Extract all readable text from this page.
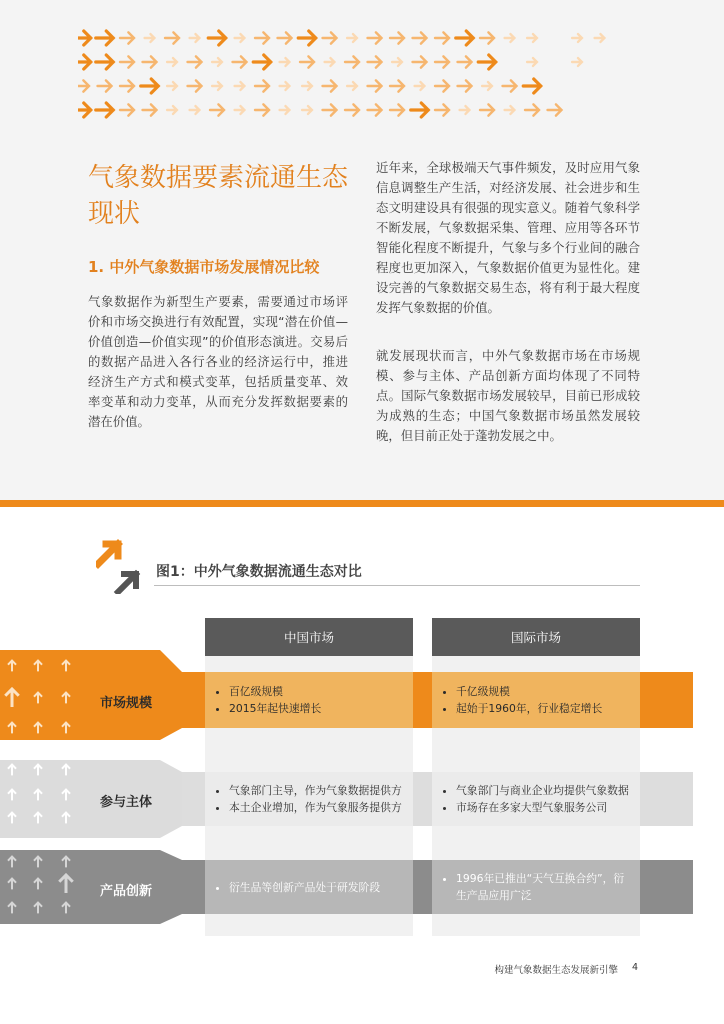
气象数据要素流通生态现状
1. 中外气象数据市场发展情况比较

气象数据作为新型生产要素，需要通过市场评价和市场交换进行有效配置，实现“潜在价值—价值创造—价值实现”的价值形态演进。交易后的数据产品进入各行各业的经济运行中，推进经济生产方式和模式变革，包括质量变革、效率变革和动力变革，从而充分发挥数据要素的潜在价值。

近年来，全球极端天气事件频发，及时应用气象信息调整生产生活，对经济发展、社会进步和生态文明建设具有很强的现实意义。随着气象科学不断发展，气象数据采集、管理、应用等各环节智能化程度不断提升，气象与多个行业间的融合程度也更加深入，气象数据价值更为显性化。建设完善的气象数据交易生态，将有利于最大程度发挥气象数据的价值。

就发展现状而言，中外气象数据市场在市场规模、参与主体、产品创新方面均体现了不同特点。国际气象数据市场发展较早，目前已形成较为成熟的生态；中国气象数据市场虽然发展较晚，但目前正处于蓬勃发展之中。

图1：中外气象数据流通生态对比
中国市场	国际市场
市场规模
参与主体
产品创新
• 百亿级规模
• 2015年起快速增长
• 千亿级规模
• 起始于1960年，行业稳定增长
• 气象部门主导，作为气象数据提供方
• 本土企业增加，作为气象服务提供方
• 气象部门与商业企业均提供气象数据
• 市场存在多家大型气象服务公司
• 衍生品等创新产品处于研发阶段
• 1996年已推出“天气互换合约”，衍生产品应用广泛
构建气象数据生态发展新引擎 4
